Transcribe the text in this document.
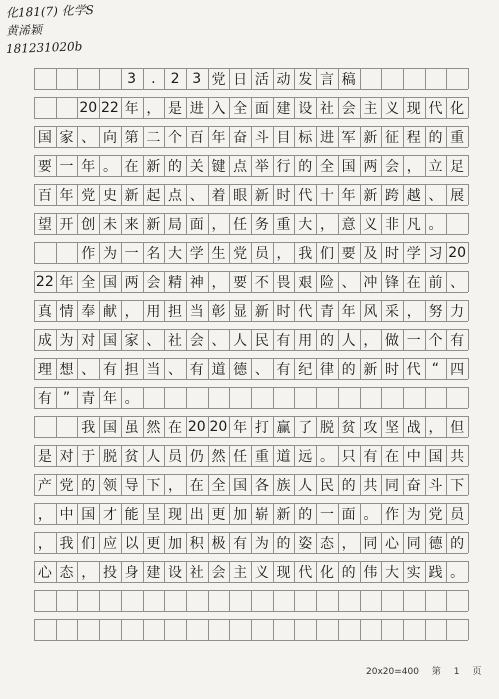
化181(7) 化学S
黄浠颖
181231020b
3	.	2 3 党 日 活 动 发 言 稿
20 22 年 ， 是 进 入 全 面 建 设 社 会 主 义 现 代 化
国 家 、 向 第 二 个 百 年 奋 斗 目 标 进 军 新 征 程 的 重
要 一 年 。 在 新 的 关 键 点 举 行 的 全 国 两 会 ， 立 足
百 年 党 史 新 起 点 、 着 眼 新 时 代 十 年 新 跨 越 、 展
望 开 创 未 来 新 局 面 ， 任 务 重 大 ， 意 义 非 凡 。
作 为 一 名 大 学 生 党 员 ， 我 们 要 及 时 学 习 20
22 年 全 国 两 会 精 神 ， 要 不 畏 艰 险 、 冲 锋 在 前 、
真 情 奉 献 ， 用 担 当 彰 显 新 时 代 青 年 风 采 ， 努 力
成 为 对 国 家 、 社 会 、 人 民 有 用 的 人 ， 做 一 个 有
理 想 、 有 担 当 、 有 道 德 、 有 纪 律 的 新 时 代 “ 四
有 ” 青 年 。
我 国 虽 然 在 20 20 年 打 赢 了 脱 贫 攻 坚 战 ， 但
是 对 于 脱 贫 人 员 仍 然 任 重 道 远 。 只 有 在 中 国 共
产 党 的 领 导 下 ， 在 全 国 各 族 人 民 的 共 同 奋 斗 下
， 中 国 才 能 呈 现 出 更 加 崭 新 的 一 面 。 作 为 党 员
， 我 们 应 以 更 加 积 极 有 为 的 姿 态 ， 同 心 同 德 的
心 态 ， 投 身 建 设 社 会 主 义 现 代 化 的 伟 大 实 践 。
20x20=400 第 1 页
